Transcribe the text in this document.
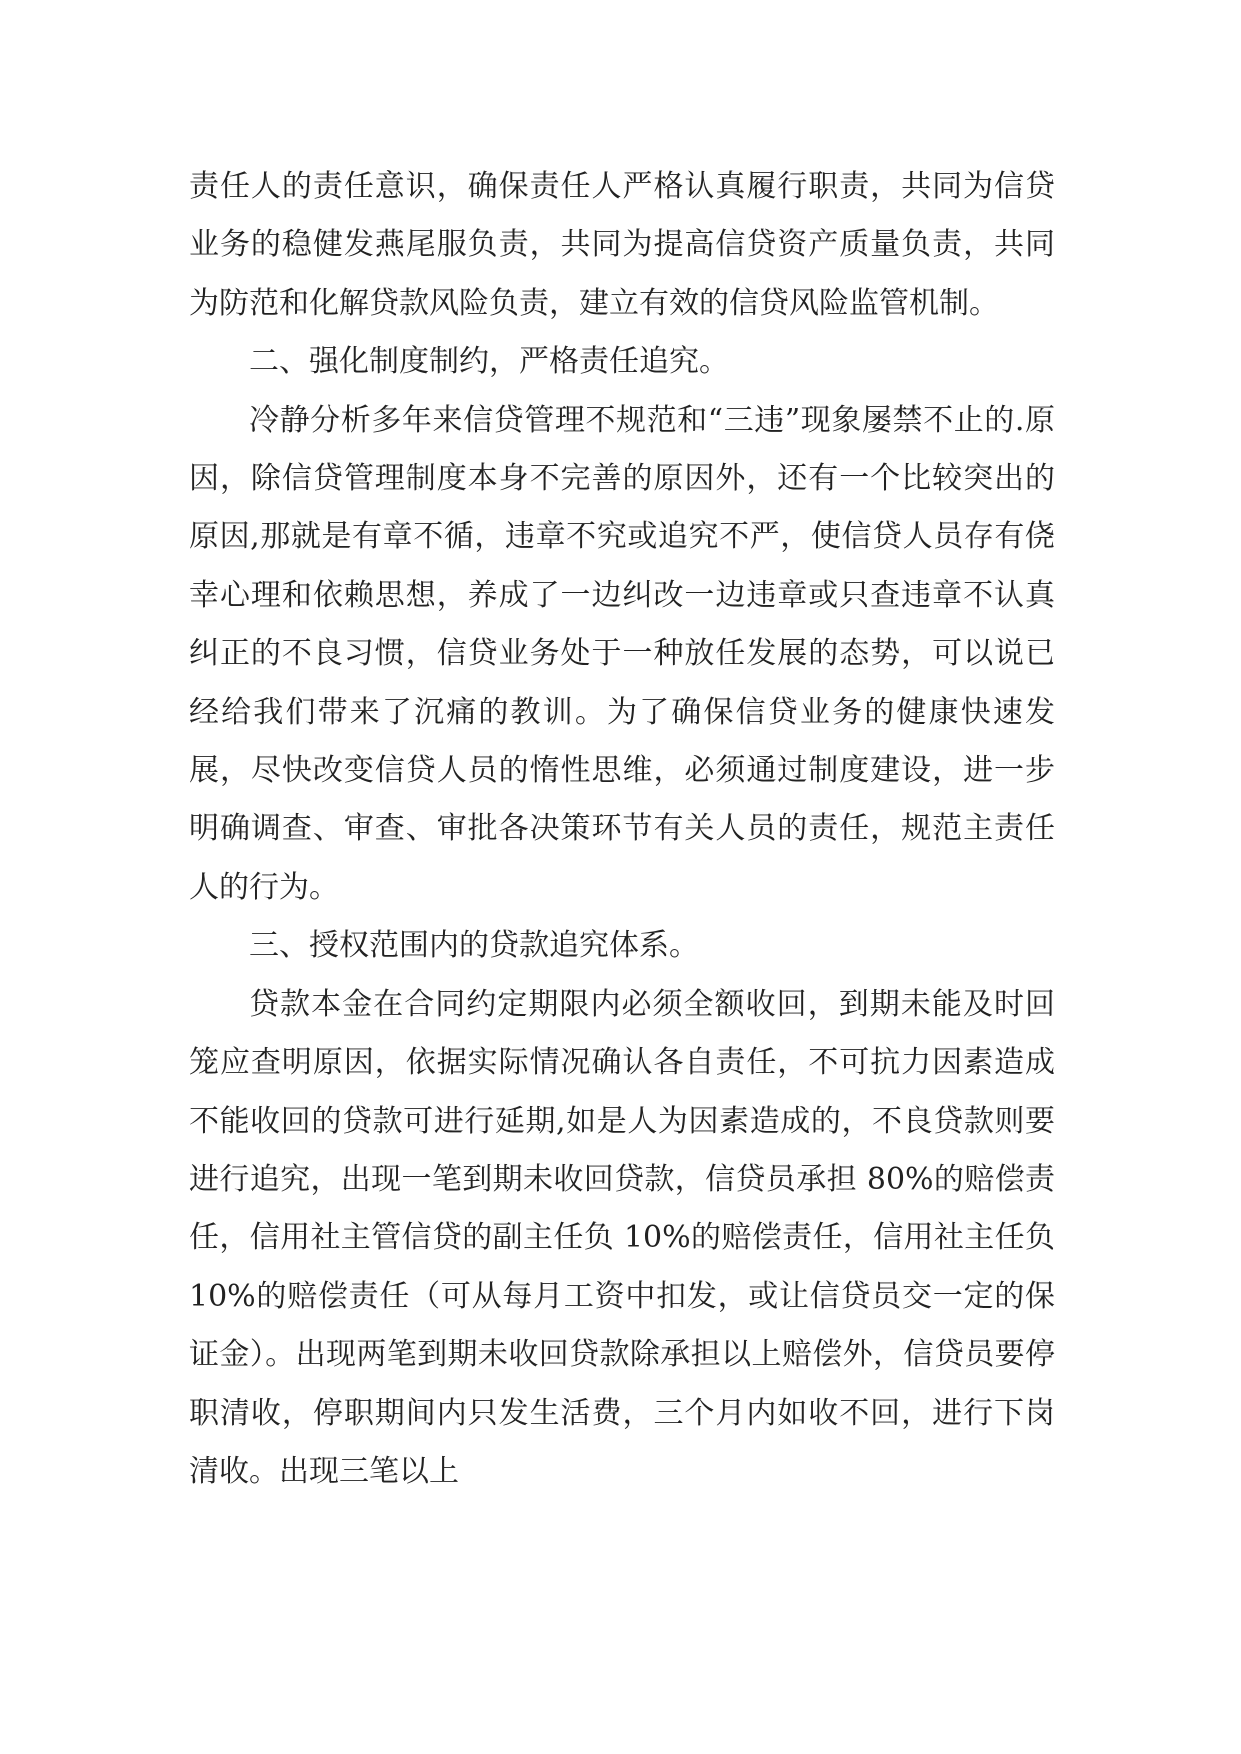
责任人的责任意识，确保责任人严格认真履行职责，共同为信贷业务的稳健发燕尾服负责，共同为提高信贷资产质量负责，共同为防范和化解贷款风险负责，建立有效的信贷风险监管机制。

二、强化制度制约，严格责任追究。

冷静分析多年来信贷管理不规范和“三违”现象屡禁不止的.原因，除信贷管理制度本身不完善的原因外，还有一个比较突出的原因,那就是有章不循，违章不究或追究不严，使信贷人员存有侥幸心理和依赖思想，养成了一边纠改一边违章或只查违章不认真纠正的不良习惯，信贷业务处于一种放任发展的态势，可以说已经给我们带来了沉痛的教训。为了确保信贷业务的健康快速发展，尽快改变信贷人员的惰性思维，必须通过制度建设，进一步明确调查、审查、审批各决策环节有关人员的责任，规范主责任人的行为。

三、授权范围内的贷款追究体系。

贷款本金在合同约定期限内必须全额收回，到期未能及时回笼应查明原因，依据实际情况确认各自责任，不可抗力因素造成不能收回的贷款可进行延期,如是人为因素造成的，不良贷款则要进行追究，出现一笔到期未收回贷款，信贷员承担 80%的赔偿责任，信用社主管信贷的副主任负 10%的赔偿责任，信用社主任负 10%的赔偿责任（可从每月工资中扣发，或让信贷员交一定的保证金）。出现两笔到期未收回贷款除承担以上赔偿外，信贷员要停职清收，停职期间内只发生活费，三个月内如收不回，进行下岗清收。出现三笔以上
